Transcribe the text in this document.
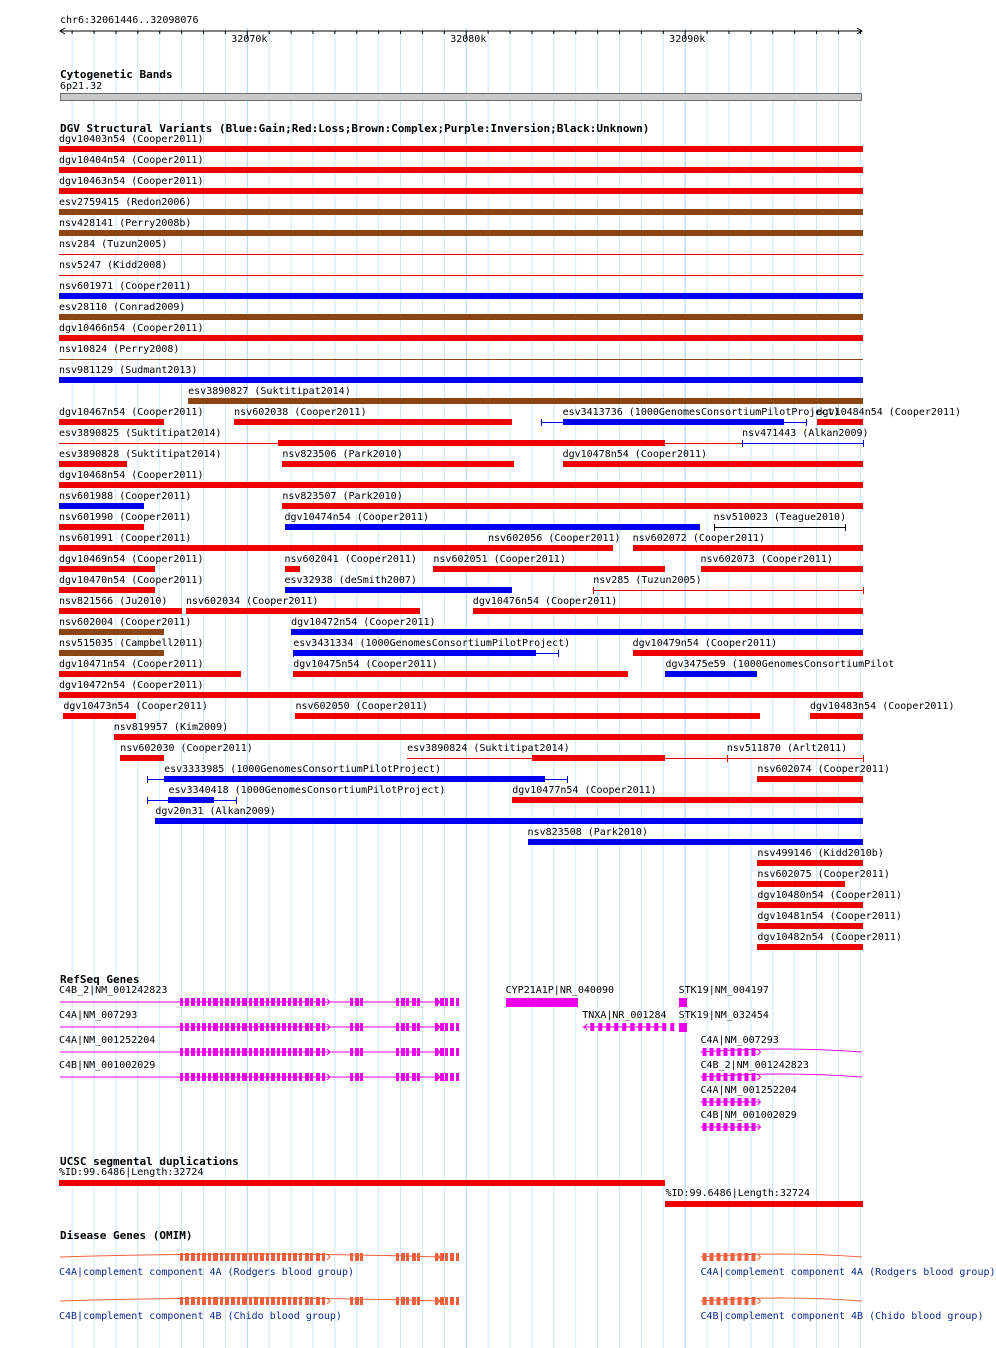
chr6:32061446..32098076
Cytogenetic Bands
6p21.32
DGV Structural Variants (Blue:Gain;Red:Loss;Brown:Complex;Purple:Inversion;Black:Unknown)
dgv10403n54 (Cooper2011)
dgv10404n54 (Cooper2011)
dgv10463n54 (Cooper2011)
esv2759415 (Redon2006)
nsv428141 (Perry2008b)
nsv284 (Tuzun2005)
nsv5247 (Kidd2008)
nsv601971 (Cooper2011)
esv28110 (Conrad2009)
dgv10466n54 (Cooper2011)
nsv10824 (Perry2008)
nsv981129 (Sudmant2013)
esv3890827 (Suktitipat2014)
dgv10467n54 (Cooper2011)	nsv602038 (Cooper2011)	esv3413736 (1000GenomesConsortiumPilotProject)
dgv10484n54 (Cooper2011)
esv3890825 (Suktitipat2014)	nsv471443 (Alkan2009)
esv3890828 (Suktitipat2014)	nsv823506 (Park2010)	dgv10478n54 (Cooper2011)
dgv10468n54 (Cooper2011)
nsv601988 (Cooper2011)	nsv823507 (Park2010)
nsv601990 (Cooper2011)	dgv10474n54 (Cooper2011)	nsv510023 (Teague2010)
nsv601991 (Cooper2011)	nsv602056 (Cooper2011) nsv602072 (Cooper2011)
dgv10469n54 (Cooper2011)	nsv602041 (Cooper2011) nsv602051 (Cooper2011)	nsv602073 (Cooper2011)
dgv10470n54 (Cooper2011)	esv32938 (deSmith2007)	nsv285 (Tuzun2005)
nsv821566 (Ju2010) nsv602034 (Cooper2011)	dgv10476n54 (Cooper2011)
nsv602004 (Cooper2011)	dgv10472n54 (Cooper2011)
nsv515035 (Campbell2011)	esv3431334 (1000GenomesConsortiumPilotProject)	dgv10479n54 (Cooper2011)
dgv10471n54 (Cooper2011)	dgv10475n54 (Cooper2011)	dgv3475e59 (1000GenomesConsortiumPilot
dgv10472n54 (Cooper2011)
dgv10473n54 (Cooper2011)	nsv602050 (Cooper2011)	dgv10483n54 (Cooper2011)
nsv819957 (Kim2009)
nsv602030 (Cooper2011)	esv3890824 (Suktitipat2014)	nsv511870 (Arlt2011)
esv3333985 (1000GenomesConsortiumPilotProject)	nsv602074 (Cooper2011)
esv3340418 (1000GenomesConsortiumPilotProject)	dgv10477n54 (Cooper2011)
dgv20n31 (Alkan2009)
nsv823508 (Park2010)
nsv499146 (Kidd2010b)
nsv602075 (Cooper2011)
dgv10480n54 (Cooper2011)
dgv10481n54 (Cooper2011)
dgv10482n54 (Cooper2011)
RefSeq Genes
C4B_2|NM_001242823
C4A|NM_007293
C4A|NM_001252204
C4B|NM_001002029
CYP21A1P|NR_040090
TNXA|NR_001284
STK19|NM_004197
STK19|NM_032454
C4A|NM_007293
C4B_2|NM_001242823
C4A|NM_001252204
C4B|NM_001002029
UCSC segmental duplications
%ID:99.6486|Length:32724
%ID:99.6486|Length:32724
Disease Genes (OMIM)
C4A|complement component 4A (Rodgers blood group)
C4B|complement component 4B (Chido blood group)
C4A|complement component 4A (Rodgers blood group)
C4B|complement component 4B (Chido blood group)
32070k	32080k	32090k
